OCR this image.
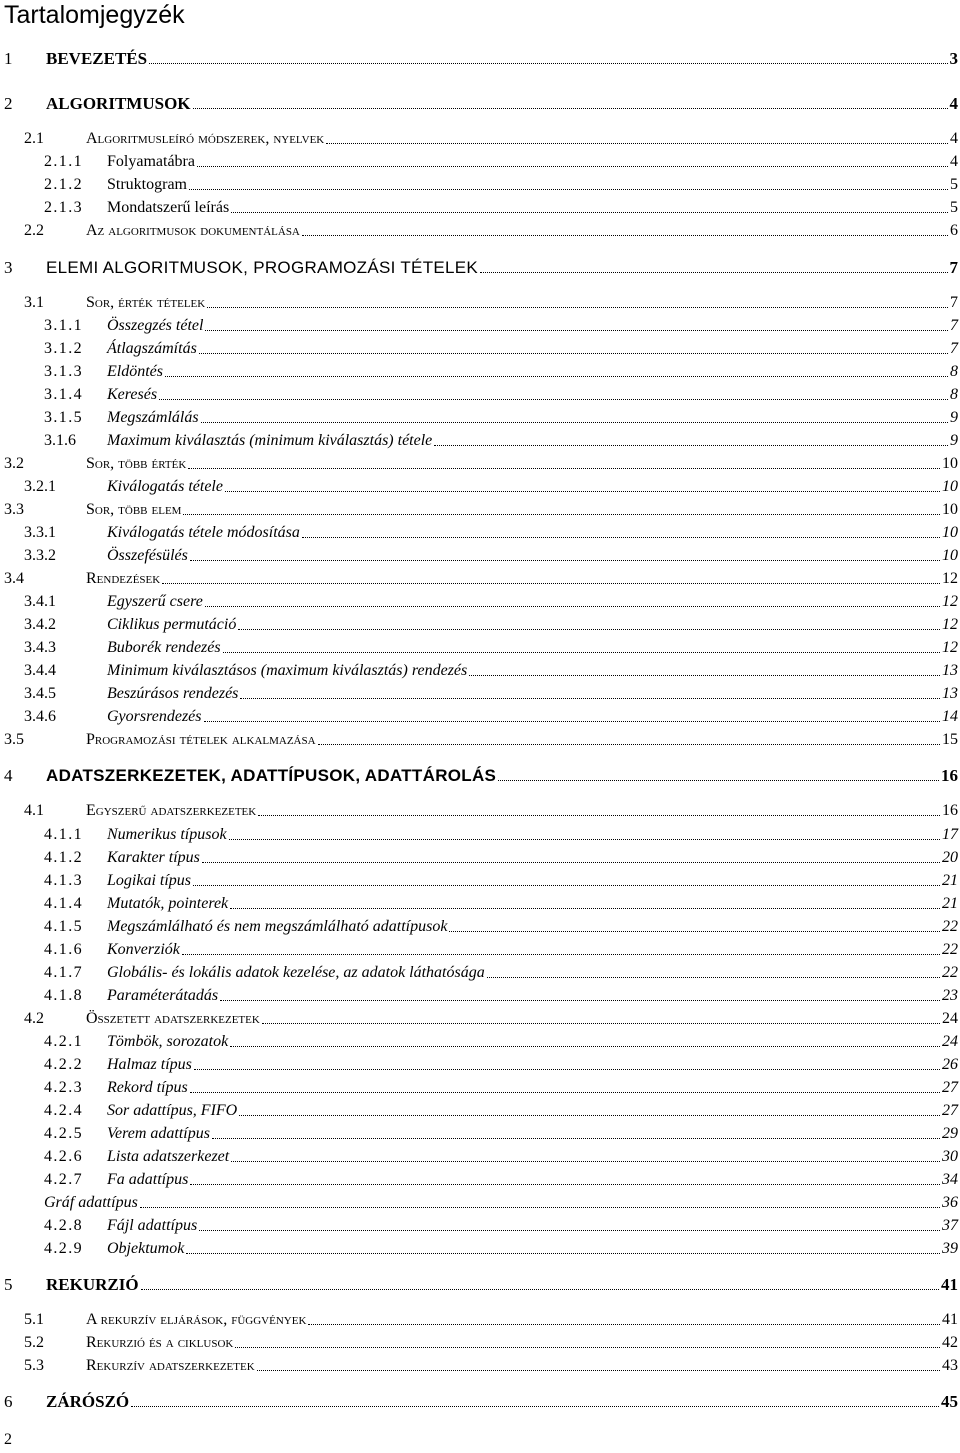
Tartalomjegyzék
1	BEVEZETÉS	3
2	ALGORITMUSOK	4
2.1	Algoritmusleíró módszerek, nyelvek	4
2.1.1	Folyamatábra	4
2.1.2	Struktogram	5
2.1.3	Mondatszerű leírás	5
2.2	Az algoritmusok dokumentálása	6
3	ELEMI ALGORITMUSOK, PROGRAMOZÁSI TÉTELEK	7
3.1	Sor, érték tételek	7
3.1.1	Összegzés tétel	7
3.1.2	Átlagszámítás	7
3.1.3	Eldöntés	8
3.1.4	Keresés	8
3.1.5	Megszámlálás	9
3.1.6	Maximum kiválasztás (minimum kiválasztás) tétele	9
3.2	Sor, több érték	10
3.2.1	Kiválogatás tétele	10
3.3	Sor, több elem	10
3.3.1	Kiválogatás tétele módosítása	10
3.3.2	Összefésülés	10
3.4	Rendezések	12
3.4.1	Egyszerű csere	12
3.4.2	Ciklikus permutáció	12
3.4.3	Buborék rendezés	12
3.4.4	Minimum kiválasztásos (maximum kiválasztás) rendezés	13
3.4.5	Beszúrásos rendezés	13
3.4.6	Gyorsrendezés	14
3.5	Programozási tételek alkalmazása	15
4	ADATSZERKEZETEK, ADATTÍPUSOK, ADATTÁROLÁS	16
4.1	Egyszerű adatszerkezetek	16
4.1.1	Numerikus típusok	17
4.1.2	Karakter típus	20
4.1.3	Logikai típus	21
4.1.4	Mutatók, pointerek	21
4.1.5	Megszámlálható és nem megszámlálható adattípusok	22
4.1.6	Konverziók	22
4.1.7	Globális- és lokális adatok kezelése, az adatok láthatósága	22
4.1.8	Paraméterátadás	23
4.2	Összetett adatszerkezetek	24
4.2.1	Tömbök, sorozatok	24
4.2.2	Halmaz típus	26
4.2.3	Rekord típus	27
4.2.4	Sor adattípus, FIFO	27
4.2.5	Verem adattípus	29
4.2.6	Lista adatszerkezet	30
4.2.7	Fa adattípus	34
Gráf adattípus	36
4.2.8	Fájl adattípus	37
4.2.9	Objektumok	39
5	REKURZIÓ	41
5.1	A rekurzív eljárások, függvények	41
5.2	Rekurzió és a ciklusok	42
5.3	Rekurzív adatszerkezetek	43
6	ZÁRÓSZÓ	45
2
